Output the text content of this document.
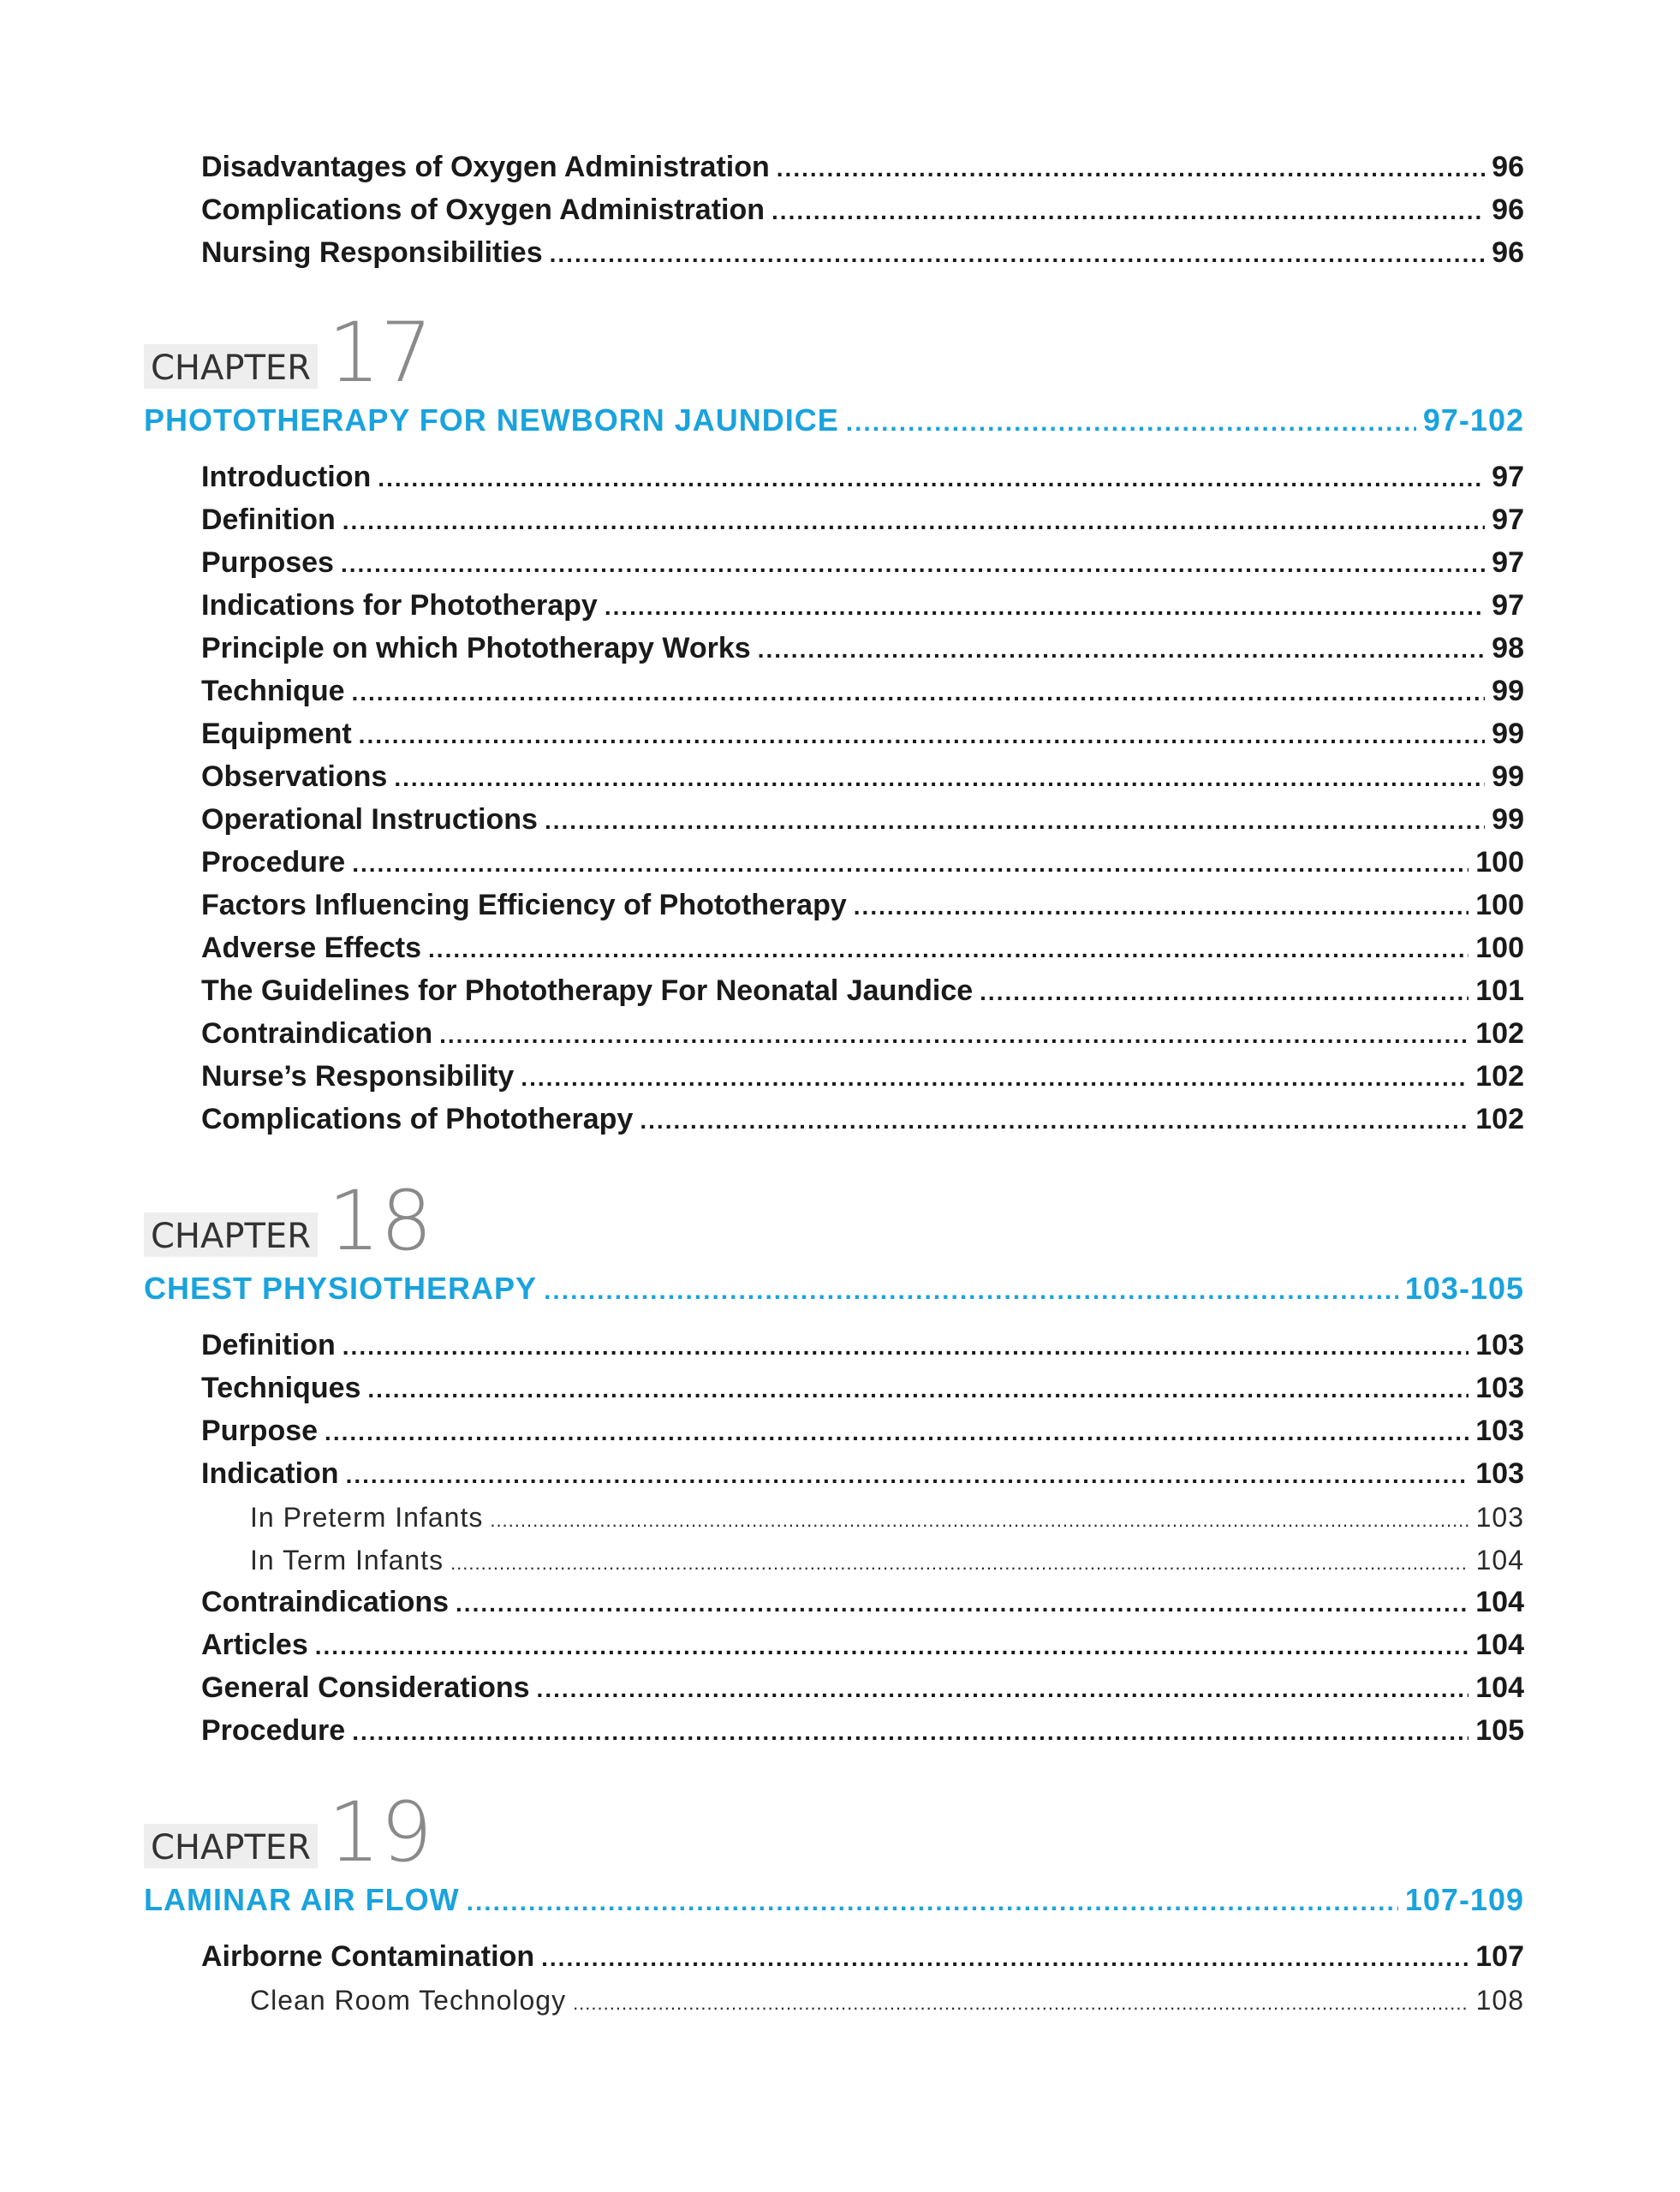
Disadvantages of Oxygen Administration .....	96
Complications of Oxygen Administration .....	96
Nursing Responsibilities .....	96
CHAPTER 17
PHOTOTHERAPY FOR NEWBORN JAUNDICE .....	97-102
Introduction .....	97
Definition .....	97
Purposes .....	97
Indications for Phototherapy .....	97
Principle on which Phototherapy Works .....	98
Technique .....	99
Equipment .....	99
Observations .....	99
Operational Instructions .....	99
Procedure .....	100
Factors Influencing Efficiency of Phototherapy .....	100
Adverse Effects .....	100
The Guidelines for Phototherapy For Neonatal Jaundice .....	101
Contraindication .....	102
Nurse’s Responsibility .....	102
Complications of Phototherapy .....	102
CHAPTER 18
CHEST PHYSIOTHERAPY .....	103-105
Definition .....	103
Techniques .....	103
Purpose .....	103
Indication .....	103
In Preterm Infants .....	103
In Term Infants .....	104
Contraindications .....	104
Articles .....	104
General Considerations .....	104
Procedure .....	105
CHAPTER 19
LAMINAR AIR FLOW .....	107-109
Airborne Contamination .....	107
Clean Room Technology .....	108
